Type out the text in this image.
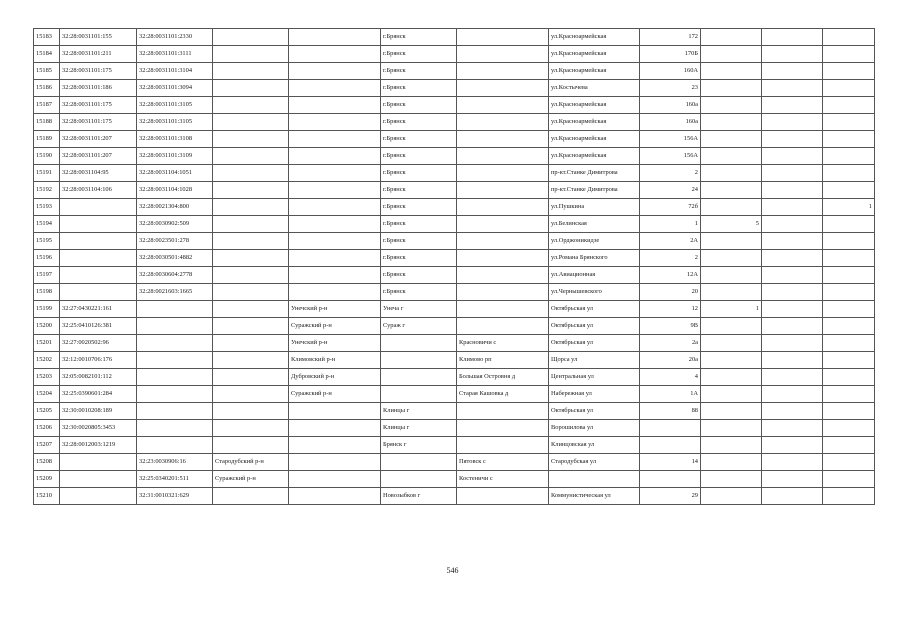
15183	32:28:0031101:155	32:28:0031101:2330			г.Брянск		ул.Красноармейская	172			
15184	32:28:0031101:211	32:28:0031101:3111			г.Брянск		ул.Красноармейская	170Б			
15185	32:28:0031101:175	32:28:0031101:3104			г.Брянск		ул.Красноармейская	160А			
15186	32:28:0031101:186	32:28:0031101:3094			г.Брянск		ул.Костычева	23			
15187	32:28:0031101:175	32:28:0031101:3105			г.Брянск		ул.Красноармейская	160а			
15188	32:28:0031101:175	32:28:0031101:3105			г.Брянск		ул.Красноармейская	160а			
15189	32:28:0031101:207	32:28:0031101:3108			г.Брянск		ул.Красноармейская	156А			
15190	32:28:0031101:207	32:28:0031101:3109			г.Брянск		ул.Красноармейская	156А			
15191	32:28:0031104:95	32:28:0031104:1051			г.Брянск		пр-кт.Станке Димитрова	2			
15192	32:28:0031104:106	32:28:0031104:1028			г.Брянск		пр-кт.Станке Димитрова	24			
15193		32:28:0021304:800			г.Брянск		ул.Пушкина	72б			1
15194		32:28:0030902:509			г.Брянск		ул.Белинская	1	5		
15195		32:28:0023501:278			г.Брянск		ул.Орджоникидзе	2А			
15196		32:28:0030501:4882			г.Брянск		ул.Романа Брянского	2			
15197		32:28:0030604:2778			г.Брянск		ул.Авиационная	12А			
15198		32:28:0021603:1665			г.Брянск		ул.Чернышевского	20			
15199	32:27:0430221:161			Унечский р-н	Унеча г		Октябрьская ул	12	1		
15200	32:25:0410126:381			Суражский р-н	Сураж г		Октябрьская ул	9В			
15201	32:27:0020502:96			Унечский р-н		Красновичи с	Октябрьская ул	2а			
15202	32:12:0010706:176			Климовский р-н		Климово рп	Щорса ул	20а			
15203	32:05:0082101:112			Дубровский р-н		Большая Островня д	Центральная ул	4			
15204	32:25:0390601:284			Суражский р-н		Старая Кашовка д	Набережная ул	1А			
15205	32:30:0010208:189				Клинцы г		Октябрьская ул	88			
15206	32:30:0020805:3453				Клинцы г		Ворошилова ул				
15207	32:28:0012003:1219				Брянск г		Клинцовская ул				
15208		32:23:0030906:16	Стародубский р-н			Пятовск с	Стародубская ул	14			
15209		32:25:0340201:511	Суражский р-н			Костеничи с					
15210		32:31:0010321:629			Новозыбков г		Коммунистическая ул	29			
546
